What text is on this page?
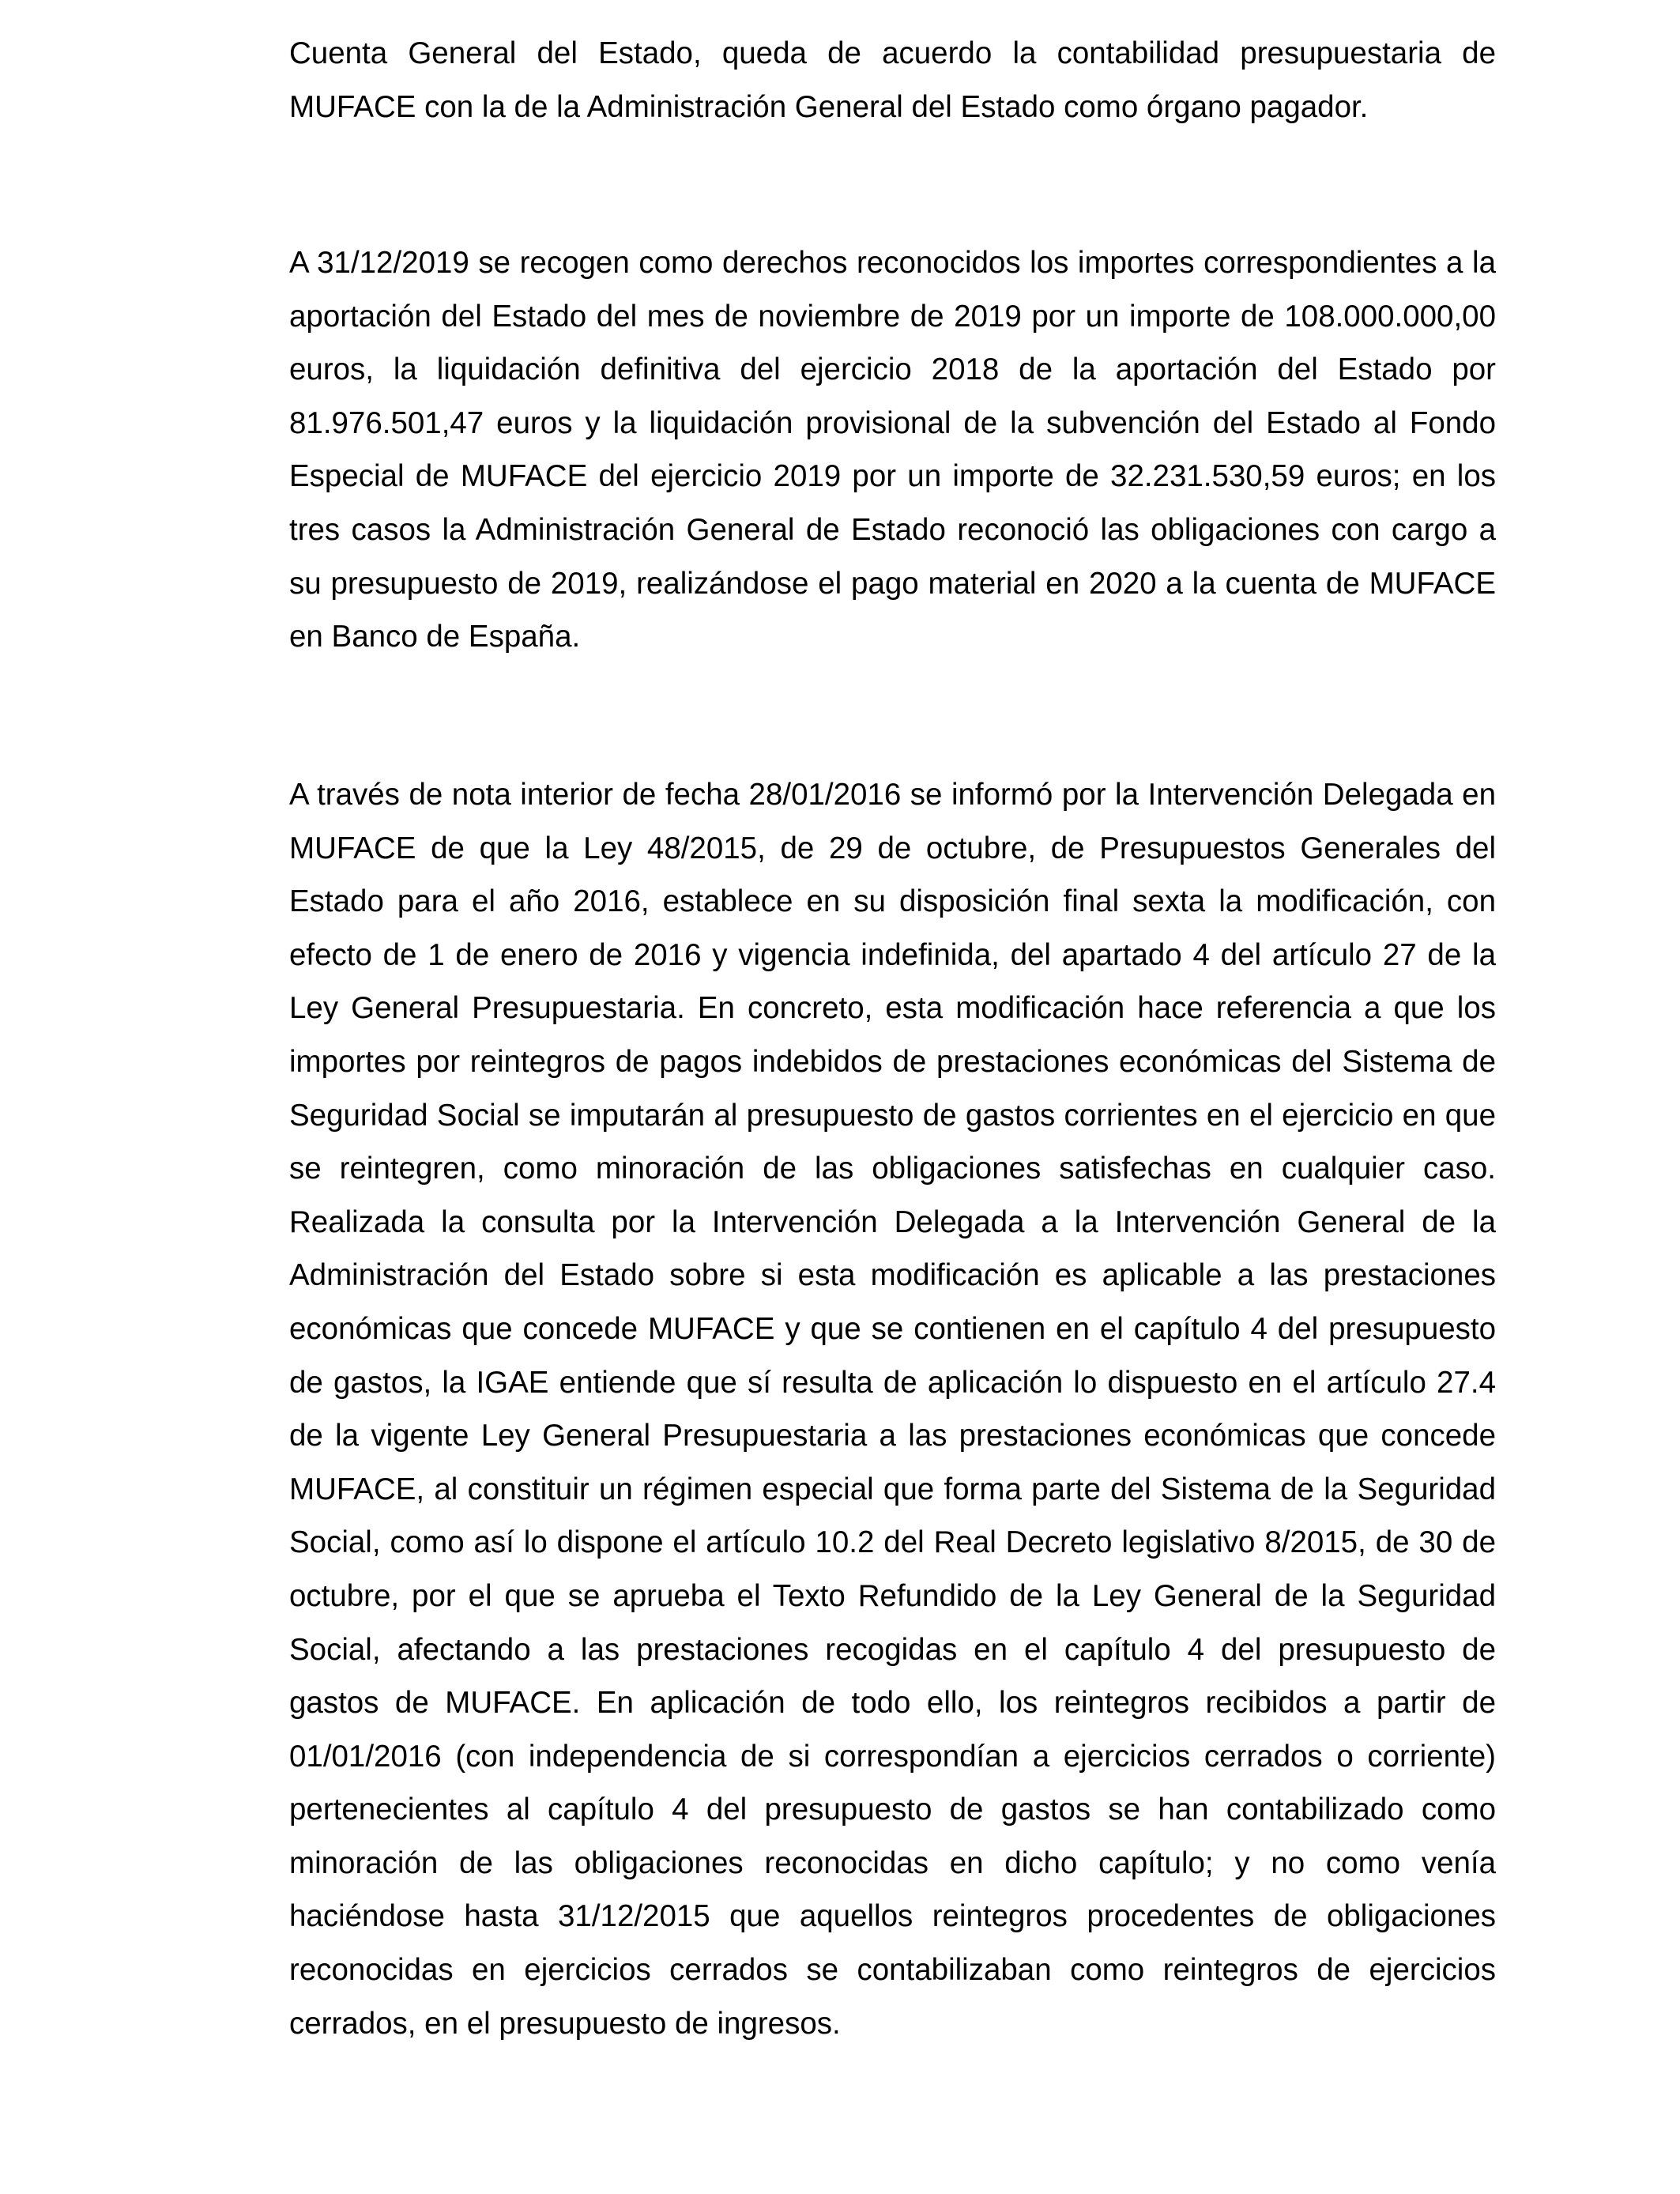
Cuenta General del Estado, queda de acuerdo la contabilidad presupuestaria de MUFACE con la de la Administración General del Estado como órgano pagador.

A 31/12/2019 se recogen como derechos reconocidos los importes correspondientes a la aportación del Estado del mes de noviembre de 2019 por un importe de 108.000.000,00 euros, la liquidación definitiva del ejercicio 2018 de la aportación del Estado por 81.976.501,47 euros y la liquidación provisional de la subvención del Estado al Fondo Especial de MUFACE del ejercicio 2019 por un importe de 32.231.530,59 euros; en los tres casos la Administración General de Estado reconoció las obligaciones con cargo a su presupuesto de 2019, realizándose el pago material en 2020 a la cuenta de MUFACE en Banco de España.

A través de nota interior de fecha 28/01/2016 se informó por la Intervención Delegada en MUFACE de que la Ley 48/2015, de 29 de octubre, de Presupuestos Generales del Estado para el año 2016, establece en su disposición final sexta la modificación, con efecto de 1 de enero de 2016 y vigencia indefinida, del apartado 4 del artículo 27 de la Ley General Presupuestaria. En concreto, esta modificación hace referencia a que los importes por reintegros de pagos indebidos de prestaciones económicas del Sistema de Seguridad Social se imputarán al presupuesto de gastos corrientes en el ejercicio en que se reintegren, como minoración de las obligaciones satisfechas en cualquier caso. Realizada la consulta por la Intervención Delegada a la Intervención General de la Administración del Estado sobre si esta modificación es aplicable a las prestaciones económicas que concede MUFACE y que se contienen en el capítulo 4 del presupuesto de gastos, la IGAE entiende que sí resulta de aplicación lo dispuesto en el artículo 27.4 de la vigente Ley General Presupuestaria a las prestaciones económicas que concede MUFACE, al constituir un régimen especial que forma parte del Sistema de la Seguridad Social, como así lo dispone el artículo 10.2 del Real Decreto legislativo 8/2015, de 30 de octubre, por el que se aprueba el Texto Refundido de la Ley General de la Seguridad Social, afectando a las prestaciones recogidas en el capítulo 4 del presupuesto de gastos de MUFACE. En aplicación de todo ello, los reintegros recibidos a partir de 01/01/2016 (con independencia de si correspondían a ejercicios cerrados o corriente) pertenecientes al capítulo 4 del presupuesto de gastos se han contabilizado como minoración de las obligaciones reconocidas en dicho capítulo; y no como venía haciéndose hasta 31/12/2015 que aquellos reintegros procedentes de obligaciones reconocidas en ejercicios cerrados se contabilizaban como reintegros de ejercicios cerrados, en el presupuesto de ingresos.
